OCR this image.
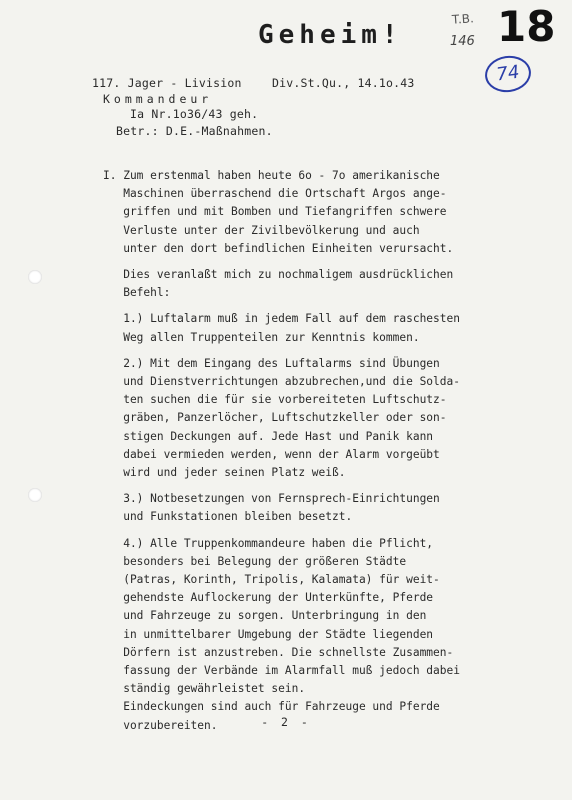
Geheim!
T.B.
146 18
74
117. Jager - Livision	Div.St.Qu., 14.1o.43
Kommandeur
Ia Nr.1o36/43 geh.
Betr.: D.E.-Maßnahmen.

I. Zum erstenmal haben heute 6o - 7o amerikanische
Maschinen überraschend die Ortschaft Argos ange-
griffen und mit Bomben und Tiefangriffen schwere
Verluste unter der Zivilbevölkerung und auch
unter den dort befindlichen Einheiten verursacht.

Dies veranlaßt mich zu nochmaligem ausdrücklichen
Befehl:

1.) Luftalarm muß in jedem Fall auf dem raschesten
Weg allen Truppenteilen zur Kenntnis kommen.

2.) Mit dem Eingang des Luftalarms sind Übungen
und Dienstverrichtungen abzubrechen,und die Solda-
ten suchen die für sie vorbereiteten Luftschutz-
gräben, Panzerlöcher, Luftschutzkeller oder son-
stigen Deckungen auf. Jede Hast und Panik kann
dabei vermieden werden, wenn der Alarm vorgeübt
wird und jeder seinen Platz weiß.

3.) Notbesetzungen von Fernsprech-Einrichtungen
und Funkstationen bleiben besetzt.

4.) Alle Truppenkommandeure haben die Pflicht,
besonders bei Belegung der größeren Städte
(Patras, Korinth, Tripolis, Kalamata) für weit-
gehendste Auflockerung der Unterkünfte, Pferde
und Fahrzeuge zu sorgen. Unterbringung in den
in unmittelbarer Umgebung der Städte liegenden
Dörfern ist anzustreben. Die schnellste Zusammen-
fassung der Verbände im Alarmfall muß jedoch dabei
ständig gewährleistet sein.
Eindeckungen sind auch für Fahrzeuge und Pferde
vorzubereiten.	- 2 -
